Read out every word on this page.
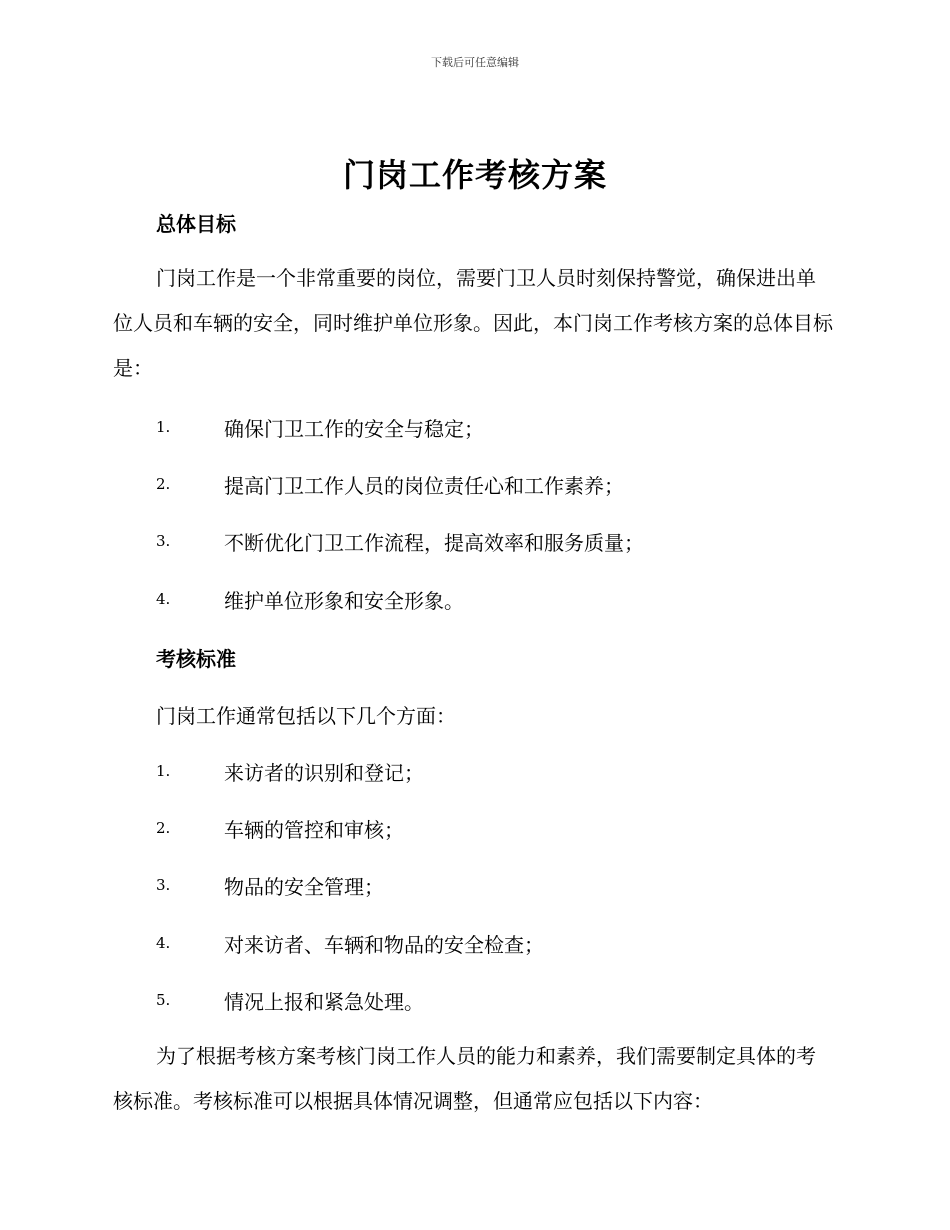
下载后可任意编辑
门岗工作考核方案
总体目标

门岗工作是一个非常重要的岗位，需要门卫人员时刻保持警觉，确保进出单位人员和车辆的安全，同时维护单位形象。因此，本门岗工作考核方案的总体目标是：

1.	确保门卫工作的安全与稳定；
2.	提高门卫工作人员的岗位责任心和工作素养；
3.	不断优化门卫工作流程，提高效率和服务质量；
4.	维护单位形象和安全形象。
考核标准

门岗工作通常包括以下几个方面：

1.	来访者的识别和登记；
2.	车辆的管控和审核；
3.	物品的安全管理；
4.	对来访者、车辆和物品的安全检查；
5.	情况上报和紧急处理。

为了根据考核方案考核门岗工作人员的能力和素养，我们需要制定具体的考核标准。考核标准可以根据具体情况调整，但通常应包括以下内容：
